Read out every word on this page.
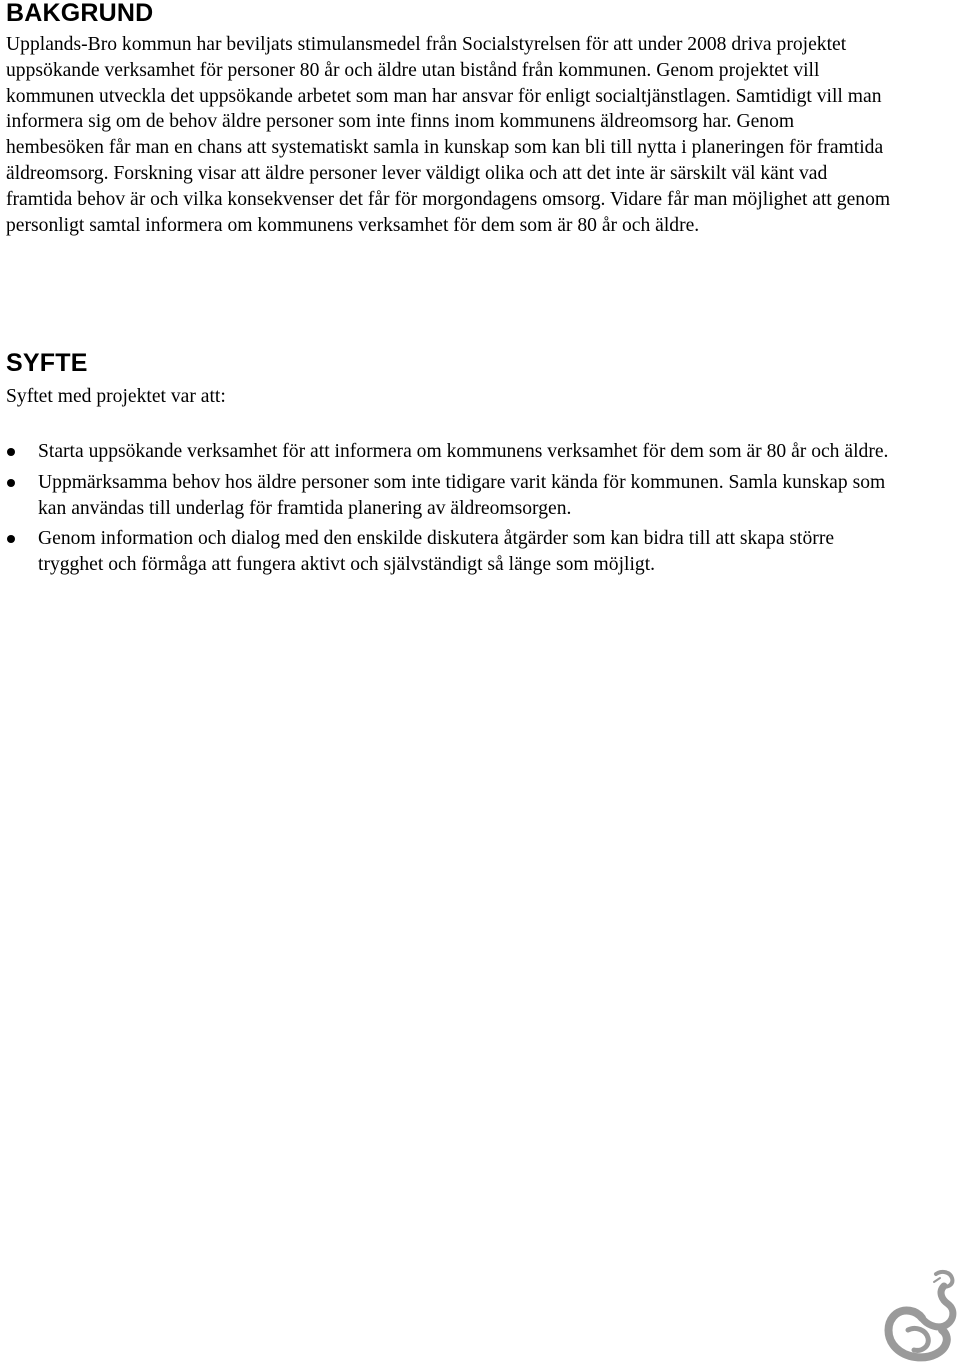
BAKGRUND

Upplands-Bro kommun har beviljats stimulansmedel från Socialstyrelsen för att under 2008 driva projektet uppsökande verksamhet för personer 80 år och äldre utan bistånd från kommunen. Genom projektet vill kommunen utveckla det uppsökande arbetet som man har ansvar för enligt socialtjänstlagen. Samtidigt vill man informera sig om de behov äldre personer som inte finns inom kommunens äldreomsorg har. Genom hembesöken får man en chans att systematiskt samla in kunskap som kan bli till nytta i planeringen för framtida äldreomsorg. Forskning visar att äldre personer lever väldigt olika och att det inte är särskilt väl känt vad framtida behov är och vilka konsekvenser det får för morgondagens omsorg. Vidare får man möjlighet att genom personligt samtal informera om kommunens verksamhet för dem som är 80 år och äldre.

SYFTE

Syftet med projektet var att:

Starta uppsökande verksamhet för att informera om kommunens verksamhet för dem som är 80 år och äldre.
Uppmärksamma behov hos äldre personer som inte tidigare varit kända för kommunen. Samla kunskap som kan användas till underlag för framtida planering av äldreomsorgen.
Genom information och dialog med den enskilde diskutera åtgärder som kan bidra till att skapa större trygghet och förmåga att fungera aktivt och självständigt så länge som möjligt.
